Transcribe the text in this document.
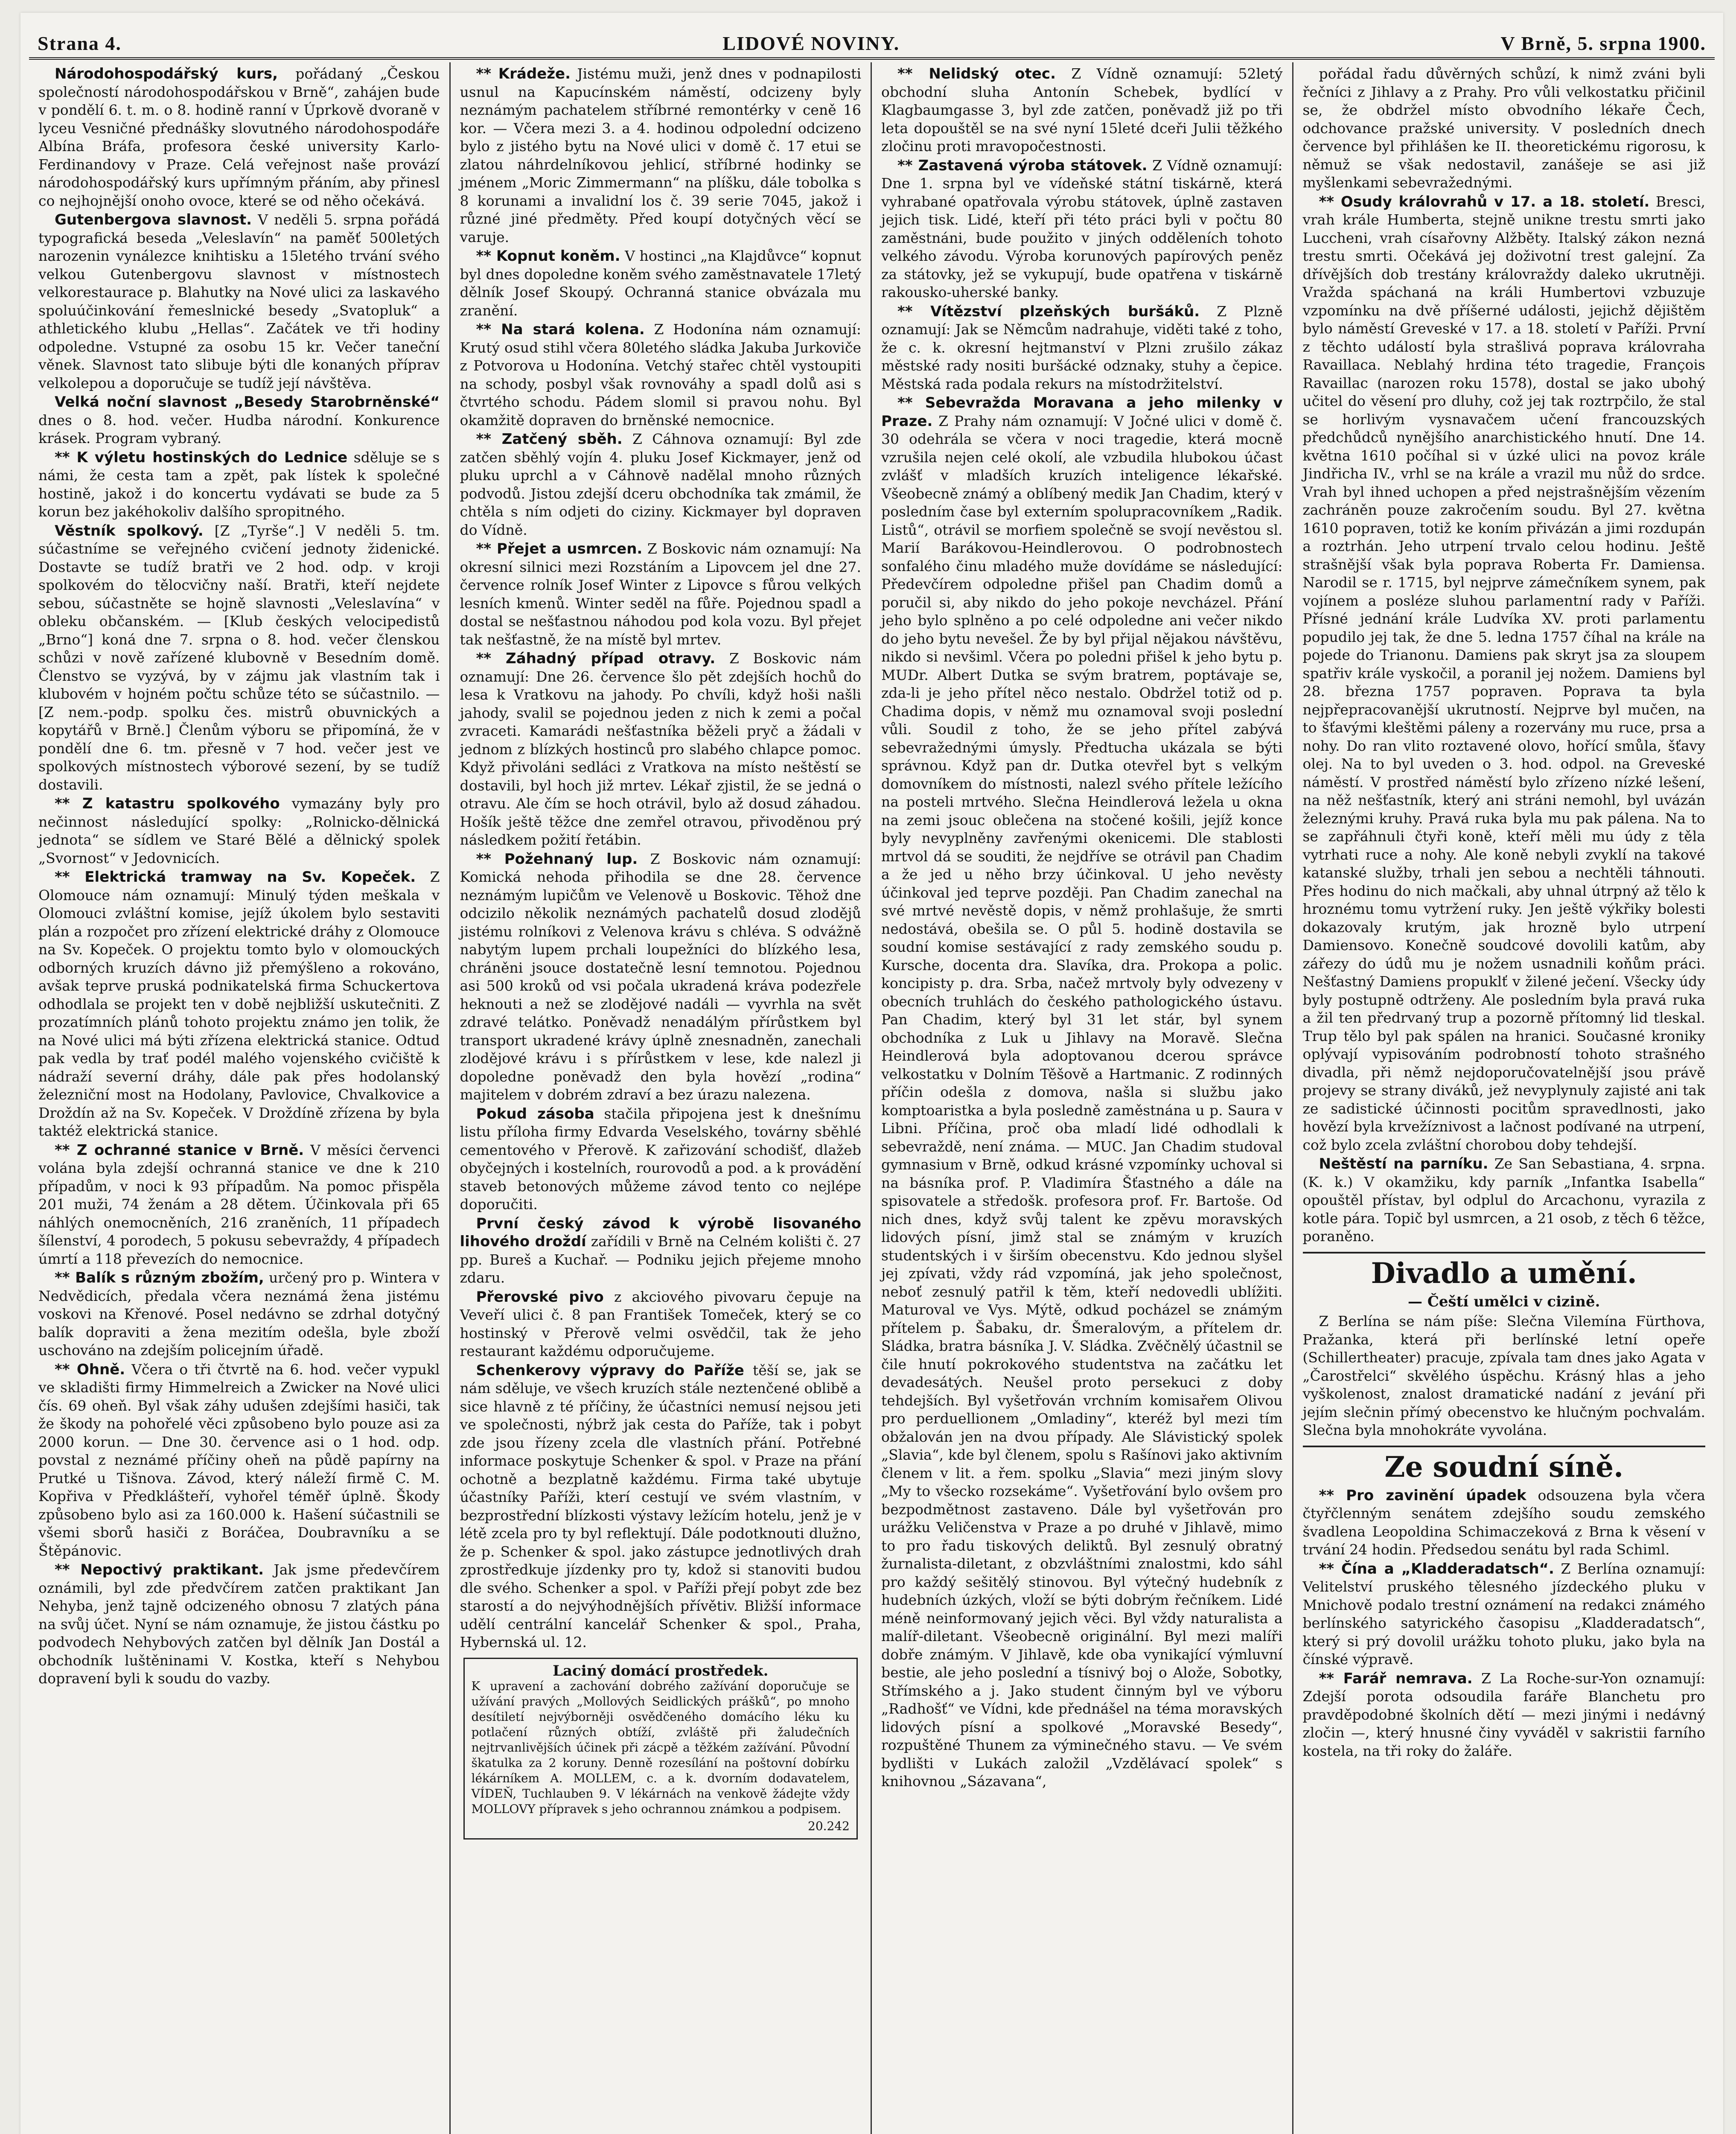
Strana 4.	LIDOVÉ NOVINY.	V Brně, 5. srpna 1900.

Národohospodářský kurs, pořádaný „Českou společností národohospodářskou v Brně“, zahájen bude v pondělí 6. t. m. o 8. hodině ranní v Úprkově dvoraně v lyceu Vesničné přednášky slovutného národohospodáře Albína Bráfa, profesora české university Karlo-Ferdinandovy v Praze. Celá veřejnost naše provází národohospodářský kurs upřímným přáním, aby přinesl co nejhojnější onoho ovoce, které se od něho očekává.

Gutenbergova slavnost. V neděli 5. srpna pořádá typografická beseda „Veleslavín“ na paměť 500letých narozenin vynálezce knihtisku a 15letého trvání svého velkou Gutenbergovu slavnost v místnostech velkorestaurace p. Blahutky na Nové ulici za laskavého spoluúčinkování řemeslnické besedy „Svatopluk“ a athletického klubu „Hellas“. Začátek ve tři hodiny odpoledne. Vstupné za osobu 15 kr. Večer taneční věnek. Slavnost tato slibuje býti dle konaných příprav velkolepou a doporučuje se tudíž její návštěva.

Velká noční slavnost „Besedy Starobrněnské“ dnes o 8. hod. večer. Hudba národní. Konkurence krásek. Program vybraný.

** K výletu hostinských do Lednice sděluje se s námi, že cesta tam a zpět, pak lístek k společné hostině, jakož i do koncertu vydávati se bude za 5 korun bez jakéhokoliv dalšího spropitného.

Věstník spolkový. [Z „Tyrše“.] V neděli 5. tm. súčastníme se veřejného cvičení jednoty židenické. Dostavte se tudíž bratři ve 2 hod. odp. v kroji spolkovém do tělocvičny naší. Bratři, kteří nejdete sebou, súčastněte se hojně slavnosti „Veleslavína“ v obleku občanském. — [Klub českých velocipedistů „Brno“] koná dne 7. srpna o 8. hod. večer členskou schůzi v nově zařízené klubovně v Besedním domě. Členstvo se vyzývá, by v zájmu jak vlastním tak i klubovém v hojném počtu schůze této se súčastnilo. — [Z nem.-podp. spolku čes. mistrů obuvnických a kopytářů v Brně.] Členům výboru se připomíná, že v pondělí dne 6. tm. přesně v 7 hod. večer jest ve spolkových místnostech výborové sezení, by se tudíž dostavili.

** Z katastru spolkového vymazány byly pro nečinnost následující spolky: „Rolnicko-dělnická jednota“ se sídlem ve Staré Bělé a dělnický spolek „Svornost“ v Jedovnicích.

** Elektrická tramway na Sv. Kopeček. Z Olomouce nám oznamují: Minulý týden meškala v Olomouci zvláštní komise, jejíž úkolem bylo sestaviti plán a rozpočet pro zřízení elektrické dráhy z Olomouce na Sv. Kopeček. O projektu tomto bylo v olomouckých odborných kruzích dávno již přemýšleno a rokováno, avšak teprve pruská podnikatelská firma Schuckertova odhodlala se projekt ten v době nejbližší uskutečniti. Z prozatímních plánů tohoto projektu známo jen tolik, že na Nové ulici má býti zřízena elektrická stanice. Odtud pak vedla by trať podél malého vojenského cvičiště k nádraží severní dráhy, dále pak přes hodolanský železniční most na Hodolany, Pavlovice, Chvalkovice a Droždín až na Sv. Kopeček. V Droždíně zřízena by byla taktéž elektrická stanice.

** Z ochranné stanice v Brně. V měsíci červenci volána byla zdejší ochranná stanice ve dne k 210 případům, v noci k 93 případům. Na pomoc přispěla 201 muži, 74 ženám a 28 dětem. Účinkovala při 65 náhlých onemocněních, 216 zraněních, 11 případech šílenství, 4 porodech, 5 pokusu sebevraždy, 4 případech úmrtí a 118 převezích do nemocnice.

** Balík s různým zbožím, určený pro p. Wintera v Nedvědicích, předala včera neznámá žena jistému voskovi na Křenové. Posel nedávno se zdrhal dotyčný balík dopraviti a žena mezitím odešla, byle zboží uschováno na zdejším policejním úřadě.

** Ohně. Včera o tři čtvrtě na 6. hod. večer vypukl ve skladišti firmy Himmelreich a Zwicker na Nové ulici čís. 69 oheň. Byl však záhy udušen zdejšími hasiči, tak že škody na pohořelé věci způsobeno bylo pouze asi za 2000 korun. — Dne 30. července asi o 1 hod. odp. povstal z neznámé příčiny oheň na půdě papírny na Prutké u Tišnova. Závod, který náleží firmě C. M. Kopřiva v Předklášteří, vyhořel téměř úplně. Škody způsobeno bylo asi za 160.000 k. Hašení súčastnili se všemi sborů hasiči z Boráčea, Doubravníku a se Štěpánovic.

** Nepoctivý praktikant. Jak jsme předevčírem oznámili, byl zde předvčírem zatčen praktikant Jan Nehyba, jenž tajně odcizeného obnosu 7 zlatých pána na svůj účet. Nyní se nám oznamuje, že jistou částku po podvodech Nehybových zatčen byl dělník Jan Dostál a obchodník luštěninami V. Kostka, kteří s Nehybou dopravení byli k soudu do vazby.

** Krádeže. Jistému muži, jenž dnes v podnapilosti usnul na Kapucínském náměstí, odcizeny byly neznámým pachatelem stříbrné remontérky v ceně 16 kor. — Včera mezi 3. a 4. hodinou odpolední odcizeno bylo z jistého bytu na Nové ulici v domě č. 17 etui se zlatou náhrdelníkovou jehlicí, stříbrné hodinky se jménem „Moric Zimmermann“ na plíšku, dále tobolka s 8 korunami a invalidní los č. 39 serie 7045, jakož i různé jiné předměty. Před koupí dotyčných věcí se varuje.

** Kopnut koněm. V hostinci „na Klajdůvce“ kopnut byl dnes dopoledne koněm svého zaměstnavatele 17letý dělník Josef Skoupý. Ochranná stanice obvázala mu zranění.

** Na stará kolena. Z Hodonína nám oznamují: Krutý osud stihl včera 80letého sládka Jakuba Jurkoviče z Potvorova u Hodonína. Vetchý stařec chtěl vystoupiti na schody, posbyl však rovnováhy a spadl dolů asi s čtvrtého schodu. Pádem slomil si pravou nohu. Byl okamžitě dopraven do brněnské nemocnice.

** Zatčený sběh. Z Cáhnova oznamují: Byl zde zatčen sběhlý vojín 4. pluku Josef Kickmayer, jenž od pluku uprchl a v Cáhnově nadělal mnoho různých podvodů. Jistou zdejší dceru obchodníka tak zmámil, že chtěla s ním odjeti do ciziny. Kickmayer byl dopraven do Vídně.

** Přejet a usmrcen. Z Boskovic nám oznamují: Na okresní silnici mezi Rozstáním a Lipovcem jel dne 27. července rolník Josef Winter z Lipovce s fůrou velkých lesních kmenů. Winter seděl na fůře. Pojednou spadl a dostal se nešťastnou náhodou pod kola vozu. Byl přejet tak nešťastně, že na místě byl mrtev.

** Záhadný případ otravy. Z Boskovic nám oznamují: Dne 26. července šlo pět zdejších hochů do lesa k Vratkovu na jahody. Po chvíli, když hoši našli jahody, svalil se pojednou jeden z nich k zemi a počal zvraceti. Kamarádi nešťastníka běželi pryč a žádali v jednom z blízkých hostinců pro slabého chlapce pomoc. Když přivoláni sedláci z Vratkova na místo neštěstí se dostavili, byl hoch již mrtev. Lékař zjistil, že se jedná o otravu. Ale čím se hoch otrávil, bylo až dosud záhadou. Hošík ještě těžce dne zemřel otravou, přivoděnou prý následkem požití řetábin.

** Požehnaný lup. Z Boskovic nám oznamují: Komická nehoda přihodila se dne 28. července neznámým lupičům ve Velenově u Boskovic. Těhož dne odcizilo několik neznámých pachatelů dosud zlodějů jistému rolníkovi z Velenova krávu s chléva. S odvážně nabytým lupem prchali loupežníci do blízkého lesa, chráněni jsouce dostatečně lesní temnotou. Pojednou asi 500 kroků od vsi počala ukradená kráva podezřele heknouti a než se zlodějové nadáli — vyvrhla na svět zdravé telátko. Poněvadž nenadálým přírůstkem byl transport ukradené krávy úplně znesnadněn, zanechali zlodějové krávu i s přírůstkem v lese, kde nalezl ji dopoledne poněvadž den byla hovězí „rodina“ majitelem v dobrém zdraví a bez úrazu nalezena.

Pokud zásoba stačila připojena jest k dnešnímu listu příloha firmy Edvarda Veselského, továrny sběhlé cementového v Přerově. K zařizování schodišť, dlažeb obyčejných i kostelních, rourovodů a pod. a k provádění staveb betonových můžeme závod tento co nejlépe doporučiti.

První český závod k výrobě lisovaného lihového droždí zařídili v Brně na Celném kolišti č. 27 pp. Bureš a Kuchař. — Podniku jejich přejeme mnoho zdaru.

Přerovské pivo z akciového pivovaru čepuje na Veveří ulici č. 8 pan František Tomeček, který se co hostinský v Přerově velmi osvědčil, tak že jeho restaurant každému odporučujeme.

Schenkerovy výpravy do Paříže těší se, jak se nám sděluje, ve všech kruzích stále neztenčené oblibě a sice hlavně z té příčiny, že účastníci nemusí nejsou jeti ve společnosti, nýbrž jak cesta do Paříže, tak i pobyt zde jsou řízeny zcela dle vlastních přání. Potřebné informace poskytuje Schenker & spol. v Praze na přání ochotně a bezplatně každému. Firma také ubytuje účastníky Paříži, kterí cestují ve svém vlastním, v bezprostřední blízkosti výstavy ležícím hotelu, jenž je v létě zcela pro ty byl reflektují. Dále podotknouti dlužno, že p. Schenker & spol. jako zástupce jednotlivých drah zprostředkuje jízdenky pro ty, kdož si stanoviti budou dle svého. Schenker a spol. v Paříži přejí pobyt zde bez starostí a do nejvýhodnějších přívětiv. Bližší informace udělí centrální kancelář Schenker & spol., Praha, Hybernská ul. 12.

Laciný domácí prostředek.
K upravení a zachování dobrého zažívání doporučuje se užívání pravých „Mollových Seidlických prášků“, po mnoho desítiletí nejvýborněji osvědčeného domácího léku ku potlačení různých obtíží, zvláště při žaludečních nejtrvanlivějších účinek při zácpě a těžkém zažívání. Původní škatulka za 2 koruny. Denně rozesílání na poštovní dobírku lékárníkem A. MOLLEM, c. a k. dvorním dodavatelem, VÍDEŇ, Tuchlauben 9. V lékárnách na venkově žádejte vždy MOLLOVY přípravek s jeho ochrannou známkou a podpisem.
20.242

** Nelidský otec. Z Vídně oznamují: 52letý obchodní sluha Antonín Schebek, bydlící v Klagbaumgasse 3, byl zde zatčen, poněvadž již po tři leta dopouštěl se na své nyní 15leté dceři Julii těžkého zločinu proti mravopočestnosti.

** Zastavená výroba státovek. Z Vídně oznamují: Dne 1. srpna byl ve vídeňské státní tiskárně, která vyhrabané opatřovala výrobu státovek, úplně zastaven jejich tisk. Lidé, kteří při této práci byli v počtu 80 zaměstnáni, bude použito v jiných odděleních tohoto velkého závodu. Výroba korunových papírových peněz za státovky, jež se vykupují, bude opatřena v tiskárně rakousko-uherské banky.

** Vítězství plzeňských buršáků. Z Plzně oznamují: Jak se Němcům nadrahuje, viděti také z toho, že c. k. okresní hejtmanství v Plzni zrušilo zákaz městské rady nositi buršácké odznaky, stuhy a čepice. Městská rada podala rekurs na místodržitelství.

** Sebevražda Moravana a jeho milenky v Praze. Z Prahy nám oznamují: V Jočné ulici v domě č. 30 odehrála se včera v noci tragedie, která mocně vzrušila nejen celé okolí, ale vzbudila hlubokou účast zvlášť v mladších kruzích inteligence lékařské. Všeobecně známý a oblíbený medik Jan Chadim, který v posledním čase byl externím spolupracovníkem „Radik. Listů“, otrávil se morfiem společně se svojí nevěstou sl. Marií Barákovou-Heindlerovou. O podrobnostech sonfalého činu mladého muže dovídáme se následující: Předevčírem odpoledne přišel pan Chadim domů a poručil si, aby nikdo do jeho pokoje nevcházel. Přání jeho bylo splněno a po celé odpoledne ani večer nikdo do jeho bytu nevešel. Že by byl přijal nějakou návštěvu, nikdo si nevšiml. Včera po poledni přišel k jeho bytu p. MUDr. Albert Dutka se svým bratrem, poptávaje se, zda-li je jeho přítel něco nestalo. Obdržel totiž od p. Chadima dopis, v němž mu oznamoval svoji poslední vůli. Soudil z toho, že se jeho přítel zabývá sebevražednými úmysly. Předtucha ukázala se býti správnou. Když pan dr. Dutka otevřel byt s velkým domovníkem do místnosti, nalezl svého přítele ležícího na posteli mrtvého. Slečna Heindlerová ležela u okna na zemi jsouc oblečena na stočené košili, jejíž konce byly nevyplněny zavřenými okenicemi. Dle stablosti mrtvol dá se souditi, že nejdříve se otrávil pan Chadim a že jed u něho brzy účinkoval. U jeho nevěsty účinkoval jed teprve později. Pan Chadim zanechal na své mrtvé nevěstě dopis, v němž prohlašuje, že smrti nedostává, obešila se. O půl 5. hodině dostavila se soudní komise sestávající z rady zemského soudu p. Kursche, docenta dra. Slavíka, dra. Prokopa a polic. koncipisty p. dra. Srba, načež mrtvoly byly odvezeny v obecních truhlách do českého pathologického ústavu. Pan Chadim, který byl 31 let stár, byl synem obchodníka z Luk u Jihlavy na Moravě. Slečna Heindlerová byla adoptovanou dcerou správce velkostatku v Dolním Těšově a Hartmanic. Z rodinných příčin odešla z domova, našla si službu jako komptoaristka a byla posledně zaměstnána u p. Saura v Libni. Příčina, proč oba mladí lidé odhodlali k sebevraždě, není známa. — MUC. Jan Chadim studoval gymnasium v Brně, odkud krásné vzpomínky uchoval si na básníka prof. P. Vladimíra Šťastného a dále na spisovatele a středošk. profesora prof. Fr. Bartoše. Od nich dnes, když svůj talent ke zpěvu moravských lidových písní, jimž stal se známým v kruzích studentských i v širším obecenstvu. Kdo jednou slyšel jej zpívati, vždy rád vzpomíná, jak jeho společnost, neboť zesnulý patřil k těm, kteří nedovedli ublížiti. Maturoval ve Vys. Mýtě, odkud pocházel se známým přítelem p. Šabaku, dr. Šmeralovým, a přítelem dr. Sládka, bratra básníka J. V. Sládka. Zvěčnělý účastnil se čile hnutí pokrokového studentstva na začátku let devadesátých. Neušel proto persekuci z doby tehdejších. Byl vyšetřován vrchním komisařem Olivou pro perduellionem „Omladiny“, kteréž byl mezi tím obžalován jen na dvou případy. Ale Slávistický spolek „Slavia“, kde byl členem, spolu s Rašínovi jako aktivním členem v lit. a řem. spolku „Slavia“ mezi jiným slovy „My to všecko rozsekáme“. Vyšetřování bylo ovšem pro bezpodmětnost zastaveno. Dále byl vyšetřován pro urážku Veličenstva v Praze a po druhé v Jihlavě, mimo to pro řadu tiskových deliktů. Byl zesnulý obratný žurnalista-diletant, z obzvláštními znalostmi, kdo sáhl pro každý sešitělý stinovou. Byl výtečný hudebník z hudebních úzkých, vloží se býti dobrým řečníkem. Lidé méně neinformovaný jejich věci. Byl vždy naturalista a malíř-diletant. Všeobecně originální. Byl mezi malíři dobře známým. V Jihlavě, kde oba vynikající výmluvní bestie, ale jeho poslední a tísnivý boj o Alože, Sobotky, Střímského a j. Jako student činným byl ve výboru „Radhošť“ ve Vídni, kde přednášel na téma moravských lidových písní a spolkové „Moravské Besedy“, rozpuštěné Thunem za výminečného stavu. — Ve svém bydlišti v Lukách založil „Vzdělávací spolek“ s knihovnou „Sázavana“,

pořádal řadu důvěrných schůzí, k nimž zváni byli řečníci z Jihlavy a z Prahy. Pro vůli velkostatku přičinil se, že obdržel místo obvodního lékaře Čech, odchovance pražské university. V posledních dnech července byl přihlášen ke II. theoretickému rigorosu, k němuž se však nedostavil, zanášeje se asi již myšlenkami sebevražednými.

** Osudy královrahů v 17. a 18. století. Bresci, vrah krále Humberta, stejně unikne trestu smrti jako Luccheni, vrah císařovny Alžběty. Italský zákon nezná trestu smrti. Očekává jej doživotní trest galejní. Za dřívějších dob trestány královraždy daleko ukrutněji. Vražda spáchaná na králi Humbertovi vzbuzuje vzpomínku na dvě příšerné události, jejichž dějištěm bylo náměstí Greveské v 17. a 18. století v Paříži. První z těchto událostí byla strašlivá poprava královraha Ravaillaca. Neblahý hrdina této tragedie, François Ravaillac (narozen roku 1578), dostal se jako ubohý učitel do věsení pro dluhy, což jej tak roztrpčilo, že stal se horlivým vysnavačem učení francouzských předchůdců nynějšího anarchistického hnutí. Dne 14. května 1610 počíhal si v úzké ulici na povoz krále Jindřicha IV., vrhl se na krále a vrazil mu nůž do srdce. Vrah byl ihned uchopen a před nejstrašnějším vězením zachráněn pouze zakročením soudu. Byl 27. května 1610 popraven, totiž ke koním přivázán a jimi rozdupán a roztrhán. Jeho utrpení trvalo celou hodinu. Ještě strašnější však byla poprava Roberta Fr. Damiensa. Narodil se r. 1715, byl nejprve zámečníkem synem, pak vojínem a posléze sluhou parlamentní rady v Paříži. Přísné jednání krále Ludvíka XV. proti parlamentu popudilo jej tak, že dne 5. ledna 1757 číhal na krále na pojede do Trianonu. Damiens pak skryt jsa za sloupem spatřiv krále vyskočil, a poranil jej nožem. Damiens byl 28. března 1757 popraven. Poprava ta byla nejpřepracovanější ukrutností. Nejprve byl mučen, na to šťavými kleštěmi páleny a rozervány mu ruce, prsa a nohy. Do ran vlito roztavené olovo, hořící smůla, šťavy olej. Na to byl uveden o 3. hod. odpol. na Greveské náměstí. V prostřed náměstí bylo zřízeno nízké lešení, na něž nešťastník, který ani stráni nemohl, byl uvázán železnými kruhy. Pravá ruka byla mu pak pálena. Na to se zapřáhnuli čtyři koně, kteří měli mu údy z těla vytrhati ruce a nohy. Ale koně nebyli zvyklí na takové katanské služby, trhali jen sebou a nechtěli táhnouti. Přes hodinu do nich mačkali, aby uhnal útrpný až tělo k hroznému tomu vytržení ruky. Jen ještě výkřiky bolesti dokazovaly krutým, jak hrozně bylo utrpení Damiensovo. Konečně soudcové dovolili katům, aby zářezy do údů mu je nožem usnadnili koňům práci. Nešťastný Damiens propuklť v žilené ječení. Všecky údy byly postupně odtrženy. Ale posledním byla pravá ruka a žil ten předrvaný trup a pozorně přítomný lid tleskal. Trup tělo byl pak spálen na hranici. Současné kroniky oplývají vypisováním podrobností tohoto strašného divadla, při němž nejdoporučovatelnější jsou právě projevy se strany diváků, jež nevyplynuly zajisté ani tak ze sadistické účinnosti pocitům spravedlnosti, jako hovězí byla krvežíznivost a lačnost podívané na utrpení, což bylo zcela zvláštní chorobou doby tehdejší.

Neštěstí na parníku. Ze San Sebastiana, 4. srpna. (K. k.) V okamžiku, kdy parník „Infantka Isabella“ opouštěl přístav, byl odplul do Arcachonu, vyrazila z kotle pára. Topič byl usmrcen, a 21 osob, z těch 6 těžce, poraněno.

Divadlo a umění.
— Čeští umělci v cizině.

Z Berlína se nám píše: Slečna Vilemína Fürthova, Pražanka, která při berlínské letní opeře (Schillertheater) pracuje, zpívala tam dnes jako Agata v „Čarostřelci“ skvělého úspěchu. Krásný hlas a jeho vyškolenost, znalost dramatické nadání z jevání při jejím slečnin přímý obecenstvo ke hlučným pochvalám. Slečna byla mnohokráte vyvolána.

Ze soudní síně.

** Pro zavinění úpadek odsouzena byla včera čtyřčlenným senátem zdejšího soudu zemského švadlena Leopoldina Schimaczeková z Brna k věsení v trvání 24 hodin. Předsedou senátu byl rada Schiml.

** Čína a „Kladderadatsch“. Z Berlína oznamují: Velitelství pruského tělesného jízdeckého pluku v Mnichově podalo trestní oznámení na redakci známého berlínského satyrického časopisu „Kladderadatsch“, který si prý dovolil urážku tohoto pluku, jako byla na čínské výpravě.

** Farář nemrava. Z La Roche-sur-Yon oznamují: Zdejší porota odsoudila faráře Blanchetu pro pravděpodobné školních dětí — mezi jinými i nedávný zločin —, který hnusné činy vyváděl v sakristii farního kostela, na tři roky do žaláře.
